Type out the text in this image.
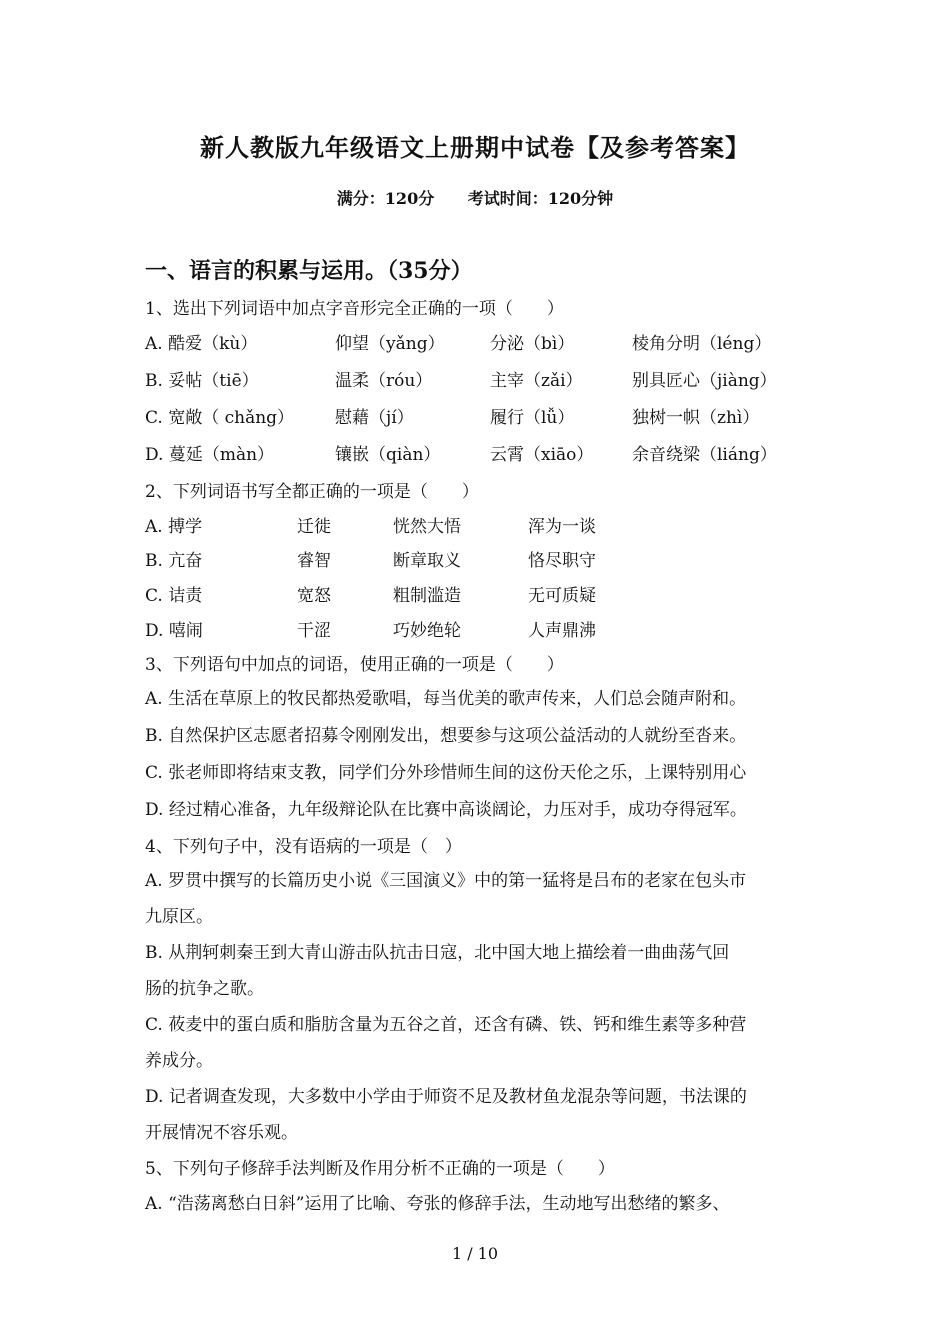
新人教版九年级语文上册期中试卷【及参考答案】
满分：120分 考试时间：120分钟
一、语言的积累与运用。（35分）
1、选出下列词语中加点字音形完全正确的一项（　　）
A. 酷爱（kù）	仰望（yǎng）	分泌（bì）	棱角分明（léng）
B. 妥帖（tiē）	温柔（róu）	主宰（zǎi）	别具匠心（jiàng）
C. 宽敞（ chǎng） 慰藉（jí）	履行（lǚ）	独树一帜（zhì）
D. 蔓延（màn）	镶嵌（qiàn）	云霄（xiāo） 余音绕梁（liáng）
2、下列词语书写全都正确的一项是（　　）
A. 搏学	迁徙	恍然大悟	浑为一谈
B. 亢奋	睿智	断章取义	恪尽职守
C. 诘责	宽怒	粗制滥造	无可质疑
D. 嘻闹	干涩	巧妙绝轮	人声鼎沸
3、下列语句中加点的词语，使用正确的一项是（　　）
A. 生活在草原上的牧民都热爱歌唱，每当优美的歌声传来，人们总会随声附和。
B. 自然保护区志愿者招募令刚刚发出，想要参与这项公益活动的人就纷至沓来。
C. 张老师即将结束支教，同学们分外珍惜师生间的这份天伦之乐，上课特别用心
D. 经过精心准备，九年级辩论队在比赛中高谈阔论，力压对手，成功夺得冠军。
4、下列句子中，没有语病的一项是（　）
A. 罗贯中撰写的长篇历史小说《三国演义》中的第一猛将是吕布的老家在包头市
九原区。
B. 从荆轲刺秦王到大青山游击队抗击日寇，北中国大地上描绘着一曲曲荡气回
肠的抗争之歌。
C. 莜麦中的蛋白质和脂肪含量为五谷之首，还含有磷、铁、钙和维生素等多种营
养成分。
D. 记者调查发现，大多数中小学由于师资不足及教材鱼龙混杂等问题，书法课的
开展情况不容乐观。
5、下列句子修辞手法判断及作用分析不正确的一项是（　　）
A. “浩荡离愁白日斜”运用了比喻、夸张的修辞手法，生动地写出愁绪的繁多、
1 / 10
